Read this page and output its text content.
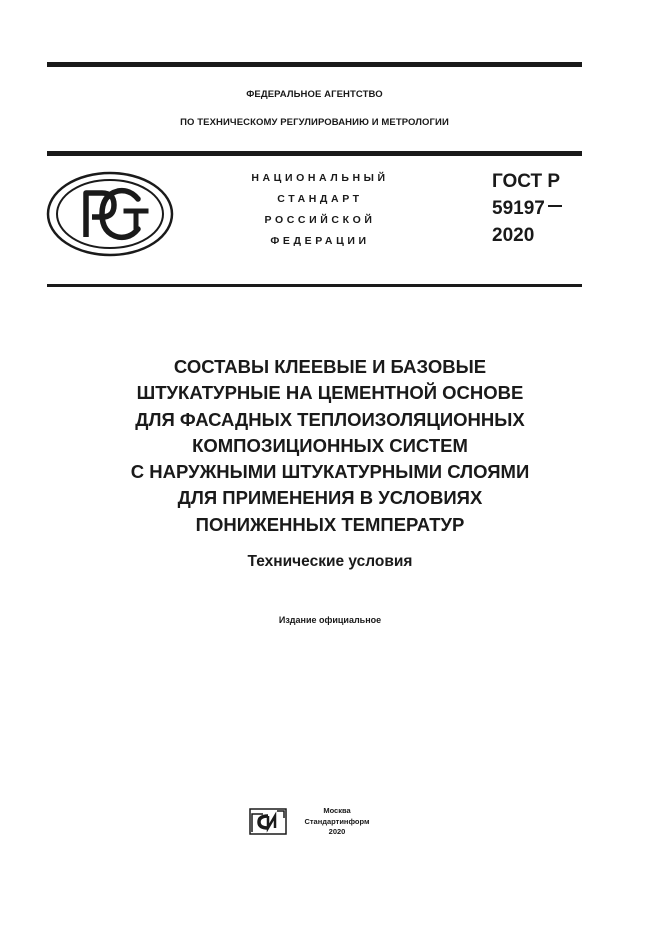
ФЕДЕРАЛЬНОЕ АГЕНТСТВО
ПО ТЕХНИЧЕСКОМУ РЕГУЛИРОВАНИЮ И МЕТРОЛОГИИ
НАЦИОНАЛЬНЫЙ
СТАНДАРТ
РОССИЙСКОЙ
ФЕДЕРАЦИИ
ГОСТ Р
59197
2020
СОСТАВЫ КЛЕЕВЫЕ И БАЗОВЫЕ
ШТУКАТУРНЫЕ НА ЦЕМЕНТНОЙ ОСНОВЕ
ДЛЯ ФАСАДНЫХ ТЕПЛОИЗОЛЯЦИОННЫХ
КОМПОЗИЦИОННЫХ СИСТЕМ
С НАРУЖНЫМИ ШТУКАТУРНЫМИ СЛОЯМИ
ДЛЯ ПРИМЕНЕНИЯ В УСЛОВИЯХ
ПОНИЖЕННЫХ ТЕМПЕРАТУР
Технические условия
Издание официальное
Москва
Стандартинформ
2020
